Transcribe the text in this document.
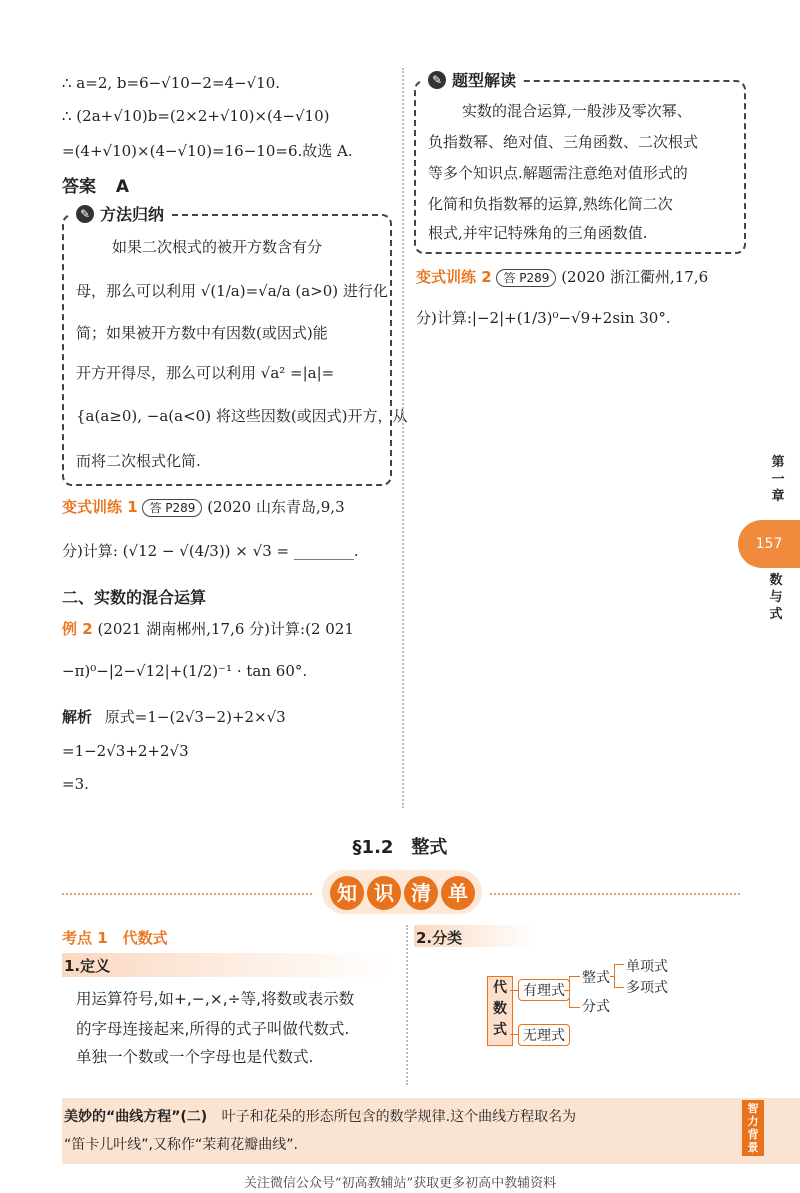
∴ a=2, b=6−√10−2=4−√10.
∴ (2a+√10)b=(2×2+√10)×(4−√10)
=(4+√10)×(4−√10)=16−10=6.故选 A.
答案 A
✎ 方法归纳
如果二次根式的被开方数含有分
母，那么可以利用 √(1/a)=√a/a (a>0) 进行化
简；如果被开方数中有因数(或因式)能
开方开得尽，那么可以利用 √a² =|a|=
{a(a≥0), −a(a<0) 将这些因数(或因式)开方，从
而将二次根式化简.
变式训练 1 答 P289 (2020 山东青岛,9,3
分)计算: (√12 − √(4/3)) × √3 = ________.
二、实数的混合运算
例 2 (2021 湖南郴州,17,6 分)计算:(2 021
−π)⁰−|2−√12|+(1/2)⁻¹ · tan 60°.
解析 原式=1−(2√3−2)+2×√3
=1−2√3+2+2√3
=3.
✎ 题型解读
实数的混合运算,一般涉及零次幂、
负指数幂、绝对值、三角函数、二次根式
等多个知识点.解题需注意绝对值形式的
化简和负指数幂的运算,熟练化简二次
根式,并牢记特殊角的三角函数值.
变式训练 2 答 P289 (2020 浙江衢州,17,6
分)计算:|−2|+(1/3)⁰−√9+2sin 30°.
第一章
157
数与式
§1.2　整式
知 识 清 单
考点 1　代数式
1.定义
用运算符号,如+,−,×,÷等,将数或表示数
的字母连接起来,所得的式子叫做代数式.
单独一个数或一个字母也是代数式.
2.分类
代数式
有理式
无理式
整式
分式
单项式
多项式
美妙的“曲线方程”(二) 叶子和花朵的形态所包含的数学规律.这个曲线方程取名为
“笛卡儿叶线”,又称作“茉莉花瓣曲线”.
智力背景
关注微信公众号“初高教辅站”获取更多初高中教辅资料
